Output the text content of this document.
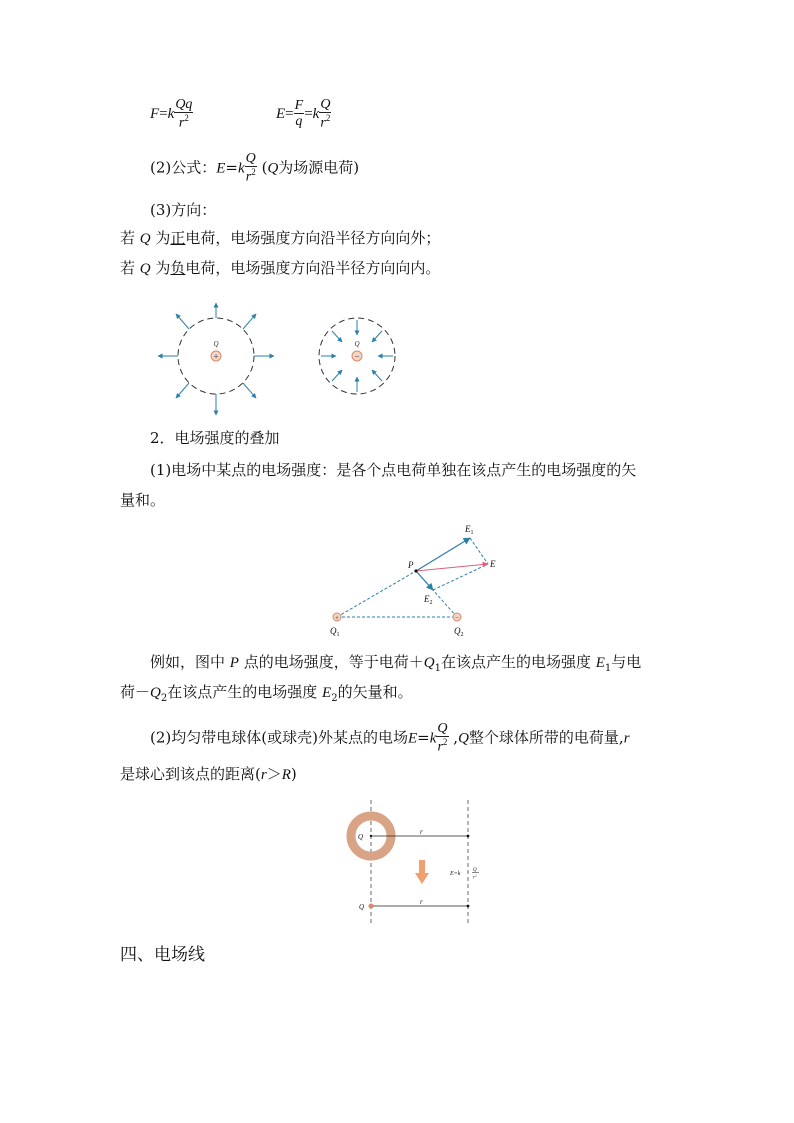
$F=k \frac{Qq}{r^2}$	$E= \frac{F}{q} =k \frac{Q}{r^2}$
(2)公式：$E=k \frac{Q}{r^2} (Q$为场源电荷)
(3)方向：
若 Q 为正电荷，电场强度方向沿半径方向向外；
若 Q 为负电荷，电场强度方向沿半径方向向内。
+
Q
−
Q
2．电场强度的叠加
(1)电场中某点的电场强度：是各个点电荷单独在该点产生的电场强度的矢
量和。
+	−
$E_1$
E
P
$E_2$
$Q_1$	$Q_2$
例如，图中 P 点的电场强度，等于电荷$+Q_1$在该点产生的电场强度 $E_1$与电
荷$-Q_2$在该点产生的电场强度 $E_2$的矢量和。
(2)均匀带电球体(或球壳)外某点的电场$E=k \frac{Q}{r^2} ,Q$整个球体所带的电荷量,r
是球心到该点的距离(r＞R)
Q
r
E=k
Q
$r^2$
Q
r
四、电场线
